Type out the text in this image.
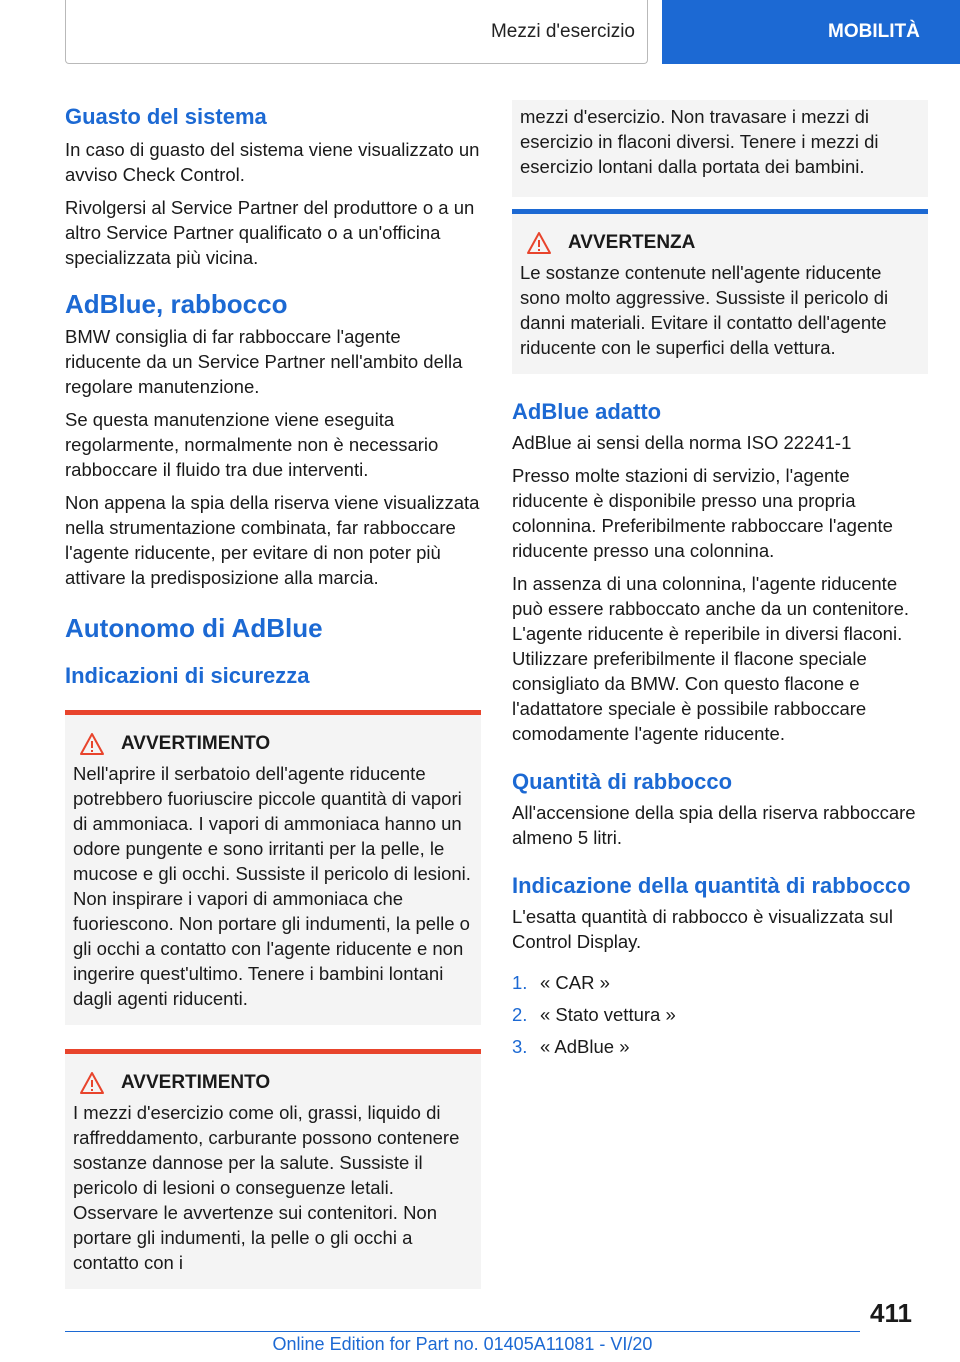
Mezzi d'esercizio	MOBILITÀ
Guasto del sistema

In caso di guasto del sistema viene visualizzato un avviso Check Control.

Rivolgersi al Service Partner del produttore o a un altro Service Partner qualificato o a un'officina specializzata più vicina.

AdBlue, rabbocco

BMW consiglia di far rabboccare l'agente riducente da un Service Partner nell'ambito della regolare manutenzione.

Se questa manutenzione viene eseguita regolarmente, normalmente non è necessario rabboccare il fluido tra due interventi.

Non appena la spia della riserva viene visualizzata nella strumentazione combinata, far rabboccare l'agente riducente, per evitare di non poter più attivare la predisposizione alla marcia.

Autonomo di AdBlue
Indicazioni di sicurezza
AVVERTIMENTO

Nell'aprire il serbatoio dell'agente riducente potrebbero fuoriuscire piccole quantità di vapori di ammoniaca. I vapori di ammoniaca hanno un odore pungente e sono irritanti per la pelle, le mucose e gli occhi. Sussiste il pericolo di lesioni. Non inspirare i vapori di ammoniaca che fuoriescono. Non portare gli indumenti, la pelle o gli occhi a contatto con l'agente riducente e non ingerire quest'ultimo. Tenere i bambini lontani dagli agenti riducenti.

AVVERTIMENTO

I mezzi d'esercizio come oli, grassi, liquido di raffreddamento, carburante possono contenere sostanze dannose per la salute. Sussiste il pericolo di lesioni o conseguenze letali. Osservare le avvertenze sui contenitori. Non portare gli indumenti, la pelle o gli occhi a contatto con i

mezzi d'esercizio. Non travasare i mezzi di esercizio in flaconi diversi. Tenere i mezzi di esercizio lontani dalla portata dei bambini.

AVVERTENZA

Le sostanze contenute nell'agente riducente sono molto aggressive. Sussiste il pericolo di danni materiali. Evitare il contatto dell'agente riducente con le superfici della vettura.

AdBlue adatto

AdBlue ai sensi della norma ISO 22241-1

Presso molte stazioni di servizio, l'agente riducente è disponibile presso una propria colonnina. Preferibilmente rabboccare l'agente riducente presso una colonnina.

In assenza di una colonnina, l'agente riducente può essere rabboccato anche da un contenitore. L'agente riducente è reperibile in diversi flaconi. Utilizzare preferibilmente il flacone speciale consigliato da BMW. Con questo flacone e l'adattatore speciale è possibile rabboccare comodamente l'agente riducente.

Quantità di rabbocco

All'accensione della spia della riserva rabboccare almeno 5 litri.

Indicazione della quantità di rabbocco

L'esatta quantità di rabbocco è visualizzata sul Control Display.

1. « CAR »
2. « Stato vettura »
3. « AdBlue »
411
Online Edition for Part no. 01405A11081 - VI/20
